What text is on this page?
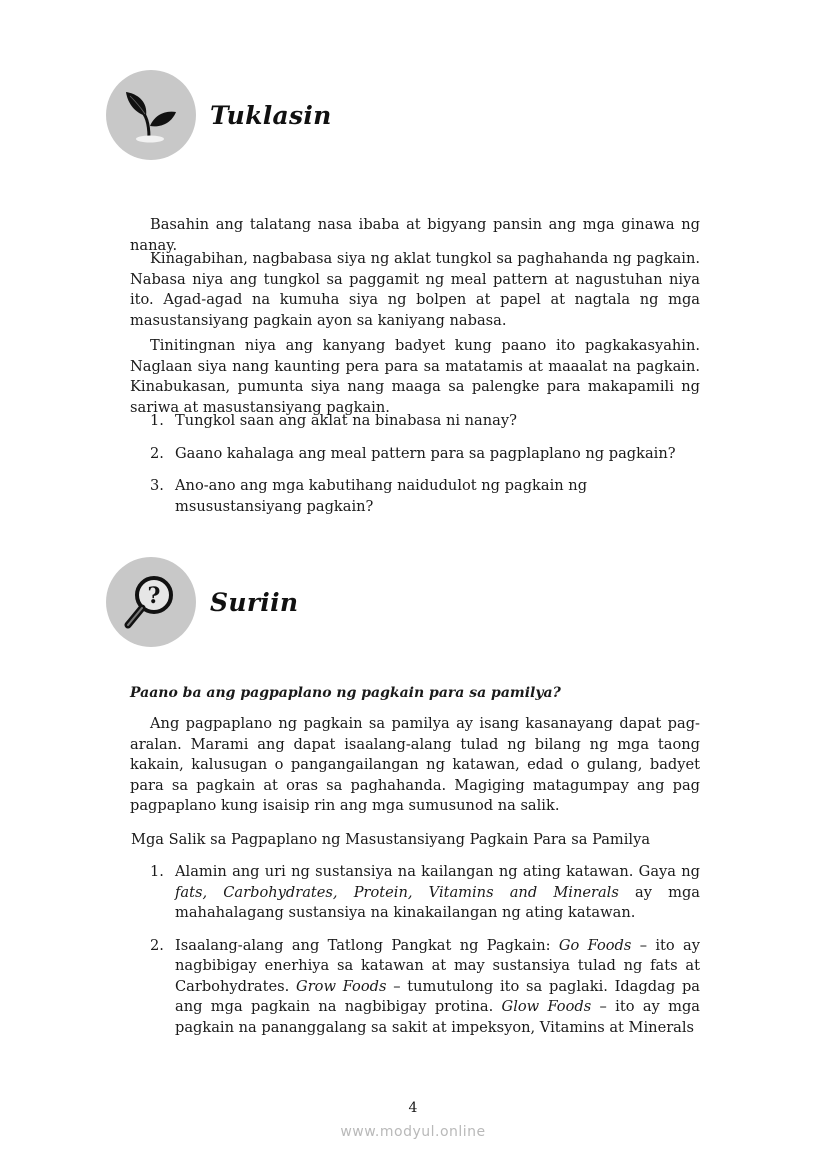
Tuklasin

Basahin ang talatang nasa ibaba at bigyang pansin ang mga ginawa ng nanay.

Kinagabihan, nagbabasa siya ng aklat tungkol sa paghahanda ng pagkain. Nabasa niya ang tungkol sa paggamit ng meal pattern at nagustuhan niya ito. Agad-agad na kumuha siya ng bolpen at papel at nagtala ng mga masustansiyang pagkain ayon sa kaniyang nabasa.

Tinitingnan niya ang kanyang badyet kung paano ito pagkakasyahin. Naglaan siya nang kaunting pera para sa matatamis at maaalat na pagkain. Kinabukasan, pumunta siya nang maaga sa palengke para makapamili ng sariwa at masustansiyang pagkain.

1. Tungkol saan ang aklat na binabasa ni nanay?
2. Gaano kahalaga ang meal pattern para sa pagplaplano ng pagkain?
3. Ano-ano ang mga kabutihang naidudulot ng pagkain ng msusustansiyang pagkain?
? Suriin

Paano ba ang pagpaplano ng pagkain para sa pamilya?

Ang pagpaplano ng pagkain sa pamilya ay isang kasanayang dapat pag-aralan. Marami ang dapat isaalang-alang tulad ng bilang ng mga taong kakain, kalusugan o pangangailangan ng katawan, edad o gulang, badyet para sa pagkain at oras sa paghahanda. Magiging matagumpay ang pag pagpaplano kung isaisip rin ang mga sumusunod na salik.

Mga Salik sa Pagpaplano ng Masustansiyang Pagkain Para sa Pamilya

1. Alamin ang uri ng sustansiya na kailangan ng ating katawan. Gaya ng fats, Carbohydrates, Protein, Vitamins and Minerals ay mga mahahalagang sustansiya na kinakailangan ng ating katawan.
2. Isaalang-alang ang Tatlong Pangkat ng Pagkain: Go Foods – ito ay nagbibigay enerhiya sa katawan at may sustansiya tulad ng fats at Carbohydrates. Grow Foods – tumutulong ito sa paglaki. Idagdag pa ang mga pagkain na nagbibigay protina. Glow Foods – ito ay mga pagkain na pananggalang sa sakit at impeksyon, Vitamins at Minerals
4
www.modyul.online
